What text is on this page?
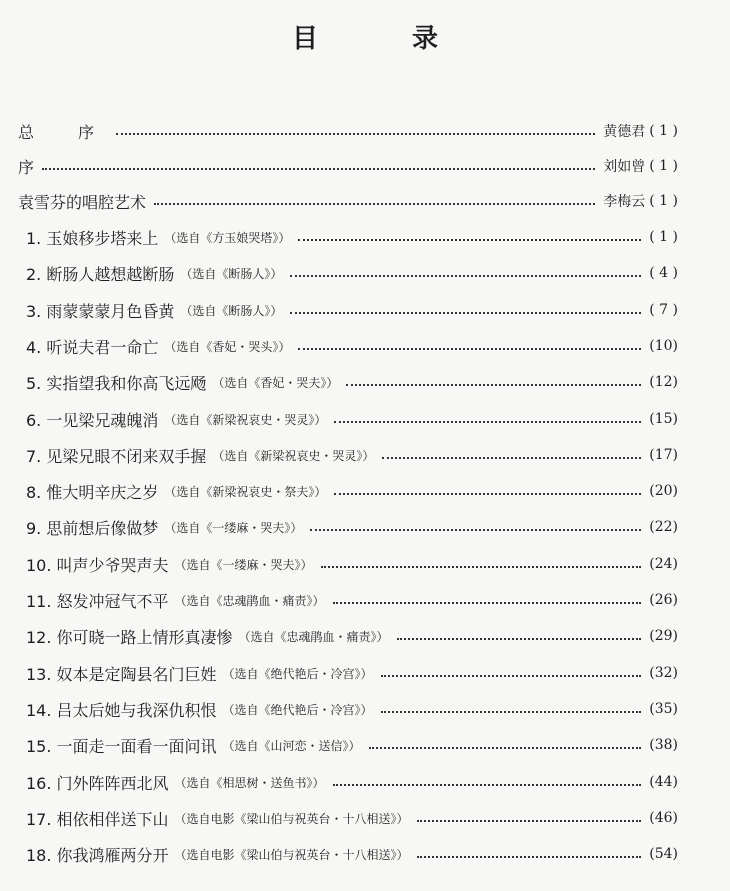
目　录
总　序	黄德君 ( 1 )
序	刘如曾 ( 1 )
袁雪芬的唱腔艺术	李梅云 ( 1 )
1. 玉娘移步塔来上 （选自《方玉娘哭塔》）	( 1 )
2. 断肠人越想越断肠 （选自《断肠人》）	( 4 )
3. 雨蒙蒙蒙月色昏黄 （选自《断肠人》）	( 7 )
4. 听说夫君一命亡 （选自《香妃・哭头》）	(10)
5. 实指望我和你高飞远飏 （选自《香妃・哭夫》）	(12)
6. 一见梁兄魂魄消 （选自《新梁祝哀史・哭灵》）	(15)
7. 见梁兄眼不闭来双手握 （选自《新梁祝哀史・哭灵》）	(17)
8. 惟大明辛庆之岁 （选自《新梁祝哀史・祭夫》）	(20)
9. 思前想后像做梦 （选自《一缕麻・哭夫》）	(22)
10. 叫声少爷哭声夫 （选自《一缕麻・哭夫》）	(24)
11. 怒发冲冠气不平 （选自《忠魂鹃血・痛责》）	(26)
12. 你可晓一路上情形真凄惨 （选自《忠魂鹃血・痛责》）	(29)
13. 奴本是定陶县名门巨姓 （选自《绝代艳后・冷宫》）	(32)
14. 吕太后她与我深仇积恨 （选自《绝代艳后・冷宫》）	(35)
15. 一面走一面看一面问讯 （选自《山河恋・送信》）	(38)
16. 门外阵阵西北风 （选自《相思树・送鱼书》）	(44)
17. 相依相伴送下山 （选自电影《梁山伯与祝英台・十八相送》）	(46)
18. 你我鸿雁两分开 （选自电影《梁山伯与祝英台・十八相送》）	(54)
